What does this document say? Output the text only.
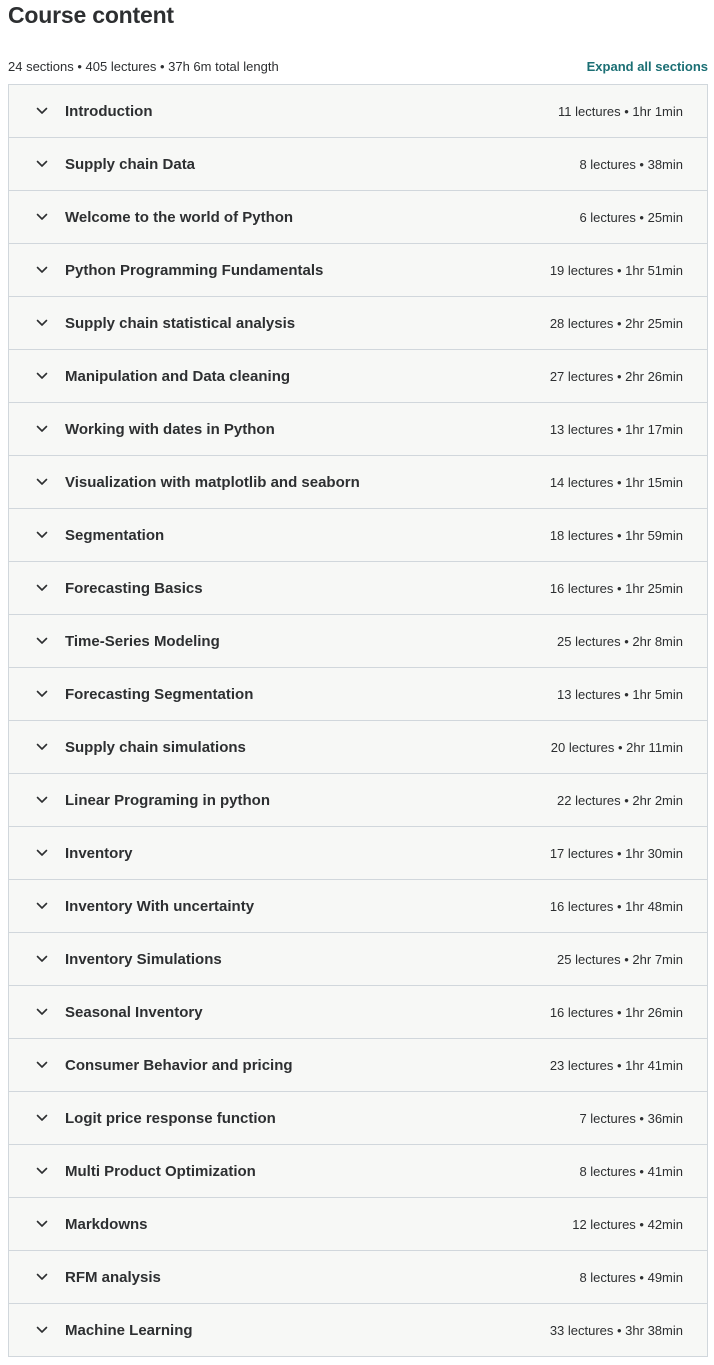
Course content
24 sections • 405 lectures • 37h 6m total length	Expand all sections
Introduction	11 lectures • 1hr 1min
Supply chain Data	8 lectures • 38min
Welcome to the world of Python	6 lectures • 25min
Python Programming Fundamentals	19 lectures • 1hr 51min
Supply chain statistical analysis	28 lectures • 2hr 25min
Manipulation and Data cleaning	27 lectures • 2hr 26min
Working with dates in Python	13 lectures • 1hr 17min
Visualization with matplotlib and seaborn	14 lectures • 1hr 15min
Segmentation	18 lectures • 1hr 59min
Forecasting Basics	16 lectures • 1hr 25min
Time-Series Modeling	25 lectures • 2hr 8min
Forecasting Segmentation	13 lectures • 1hr 5min
Supply chain simulations	20 lectures • 2hr 11min
Linear Programing in python	22 lectures • 2hr 2min
Inventory	17 lectures • 1hr 30min
Inventory With uncertainty	16 lectures • 1hr 48min
Inventory Simulations	25 lectures • 2hr 7min
Seasonal Inventory	16 lectures • 1hr 26min
Consumer Behavior and pricing	23 lectures • 1hr 41min
Logit price response function	7 lectures • 36min
Multi Product Optimization	8 lectures • 41min
Markdowns	12 lectures • 42min
RFM analysis	8 lectures • 49min
Machine Learning	33 lectures • 3hr 38min
